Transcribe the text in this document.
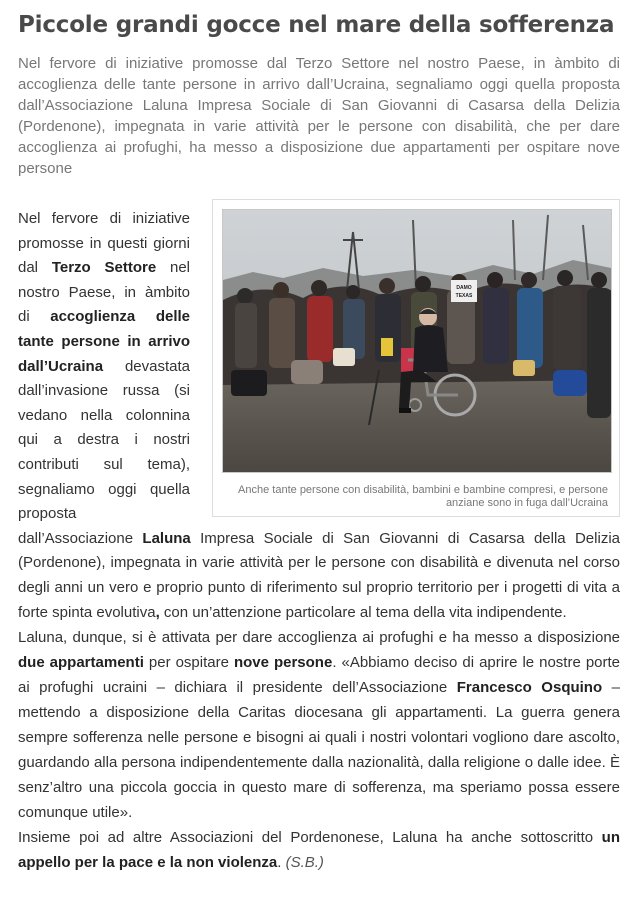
Piccole grandi gocce nel mare della sofferenza

Nel fervore di iniziative promosse dal Terzo Settore nel nostro Paese, in àmbito di accoglienza delle tante persone in arrivo dall’Ucraina, segnaliamo oggi quella proposta dall’Associazione Laluna Impresa Sociale di San Giovanni di Casarsa della Delizia (Pordenone), impegnata in varie attività per le persone con disabilità, che per dare accoglienza ai profughi, ha messo a disposizione due appartamenti per ospitare nove persone

DAMO
TEXAS
Anche tante persone con disabilità, bambini e bambine compresi, e persone anziane sono in fuga dall’Ucraina

Nel fervore di iniziative promosse in questi giorni dal Terzo Settore nel nostro Paese, in àmbito di accoglienza delle tante persone in arrivo dall’Ucraina devastata dall’invasione russa (si vedano nella colonnina qui a destra i nostri contributi sul tema), segnaliamo oggi quella proposta dall’Associazione Laluna Impresa Sociale di San Giovanni di Casarsa della Delizia (Pordenone), impegnata in varie attività per le persone con disabilità e divenuta nel corso degli anni un vero e proprio punto di riferimento sul proprio territorio per i progetti di vita a forte spinta evolutiva, con un’attenzione particolare al tema della vita indipendente.

Laluna, dunque, si è attivata per dare accoglienza ai profughi e ha messo a disposizione due appartamenti per ospitare nove persone. «Abbiamo deciso di aprire le nostre porte ai profughi ucraini – dichiara il presidente dell’Associazione Francesco Osquino – mettendo a disposizione della Caritas diocesana gli appartamenti. La guerra genera sempre sofferenza nelle persone e bisogni ai quali i nostri volontari vogliono dare ascolto, guardando alla persona indipendentemente dalla nazionalità, dalla religione o dalle idee. È senz’altro una piccola goccia in questo mare di sofferenza, ma speriamo possa essere comunque utile».

Insieme poi ad altre Associazioni del Pordenonese, Laluna ha anche sottoscritto un appello per la pace e la non violenza. (S.B.)
